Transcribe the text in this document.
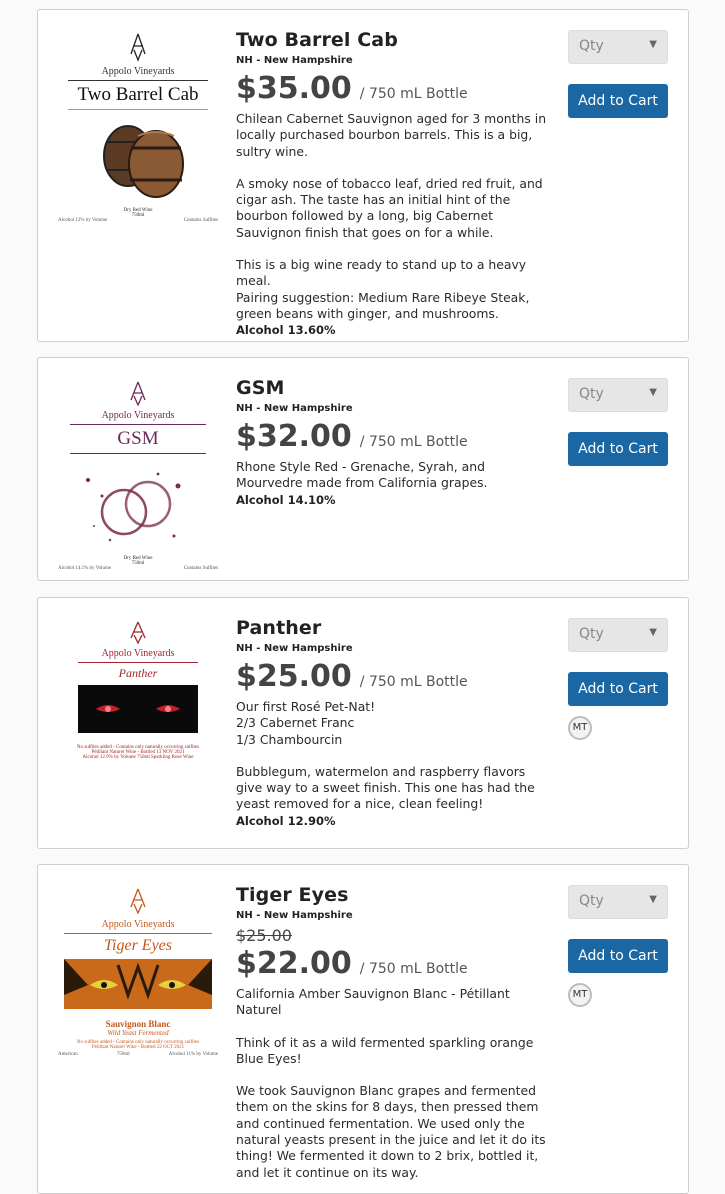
Appolo Vineyards
Two Barrel Cab
Dry Red Wine
750ml
Alcohol 13% by Volume	Contains Sulfites
Two Barrel Cab
NH - New Hampshire
$35.00 / 750 mL Bottle
Chilean Cabernet Sauvignon aged for 3 months in locally purchased bourbon barrels. This is a big, sultry wine.
A smoky nose of tobacco leaf, dried red fruit, and cigar ash. The taste has an initial hint of the bourbon followed by a long, big Cabernet Sauvignon finish that goes on for a while.
This is a big wine ready to stand up to a heavy meal.
Pairing suggestion: Medium Rare Ribeye Steak, green beans with ginger, and mushrooms.
Alcohol 13.60%
Qty	▼
Add to Cart
Appolo Vineyards
GSM
Dry Red Wine
750ml
Alcohol 14.1% by Volume	Contains Sulfites
GSM
NH - New Hampshire
$32.00 / 750 mL Bottle
Rhone Style Red - Grenache, Syrah, and Mourvedre made from California grapes.
Alcohol 14.10%
Qty	▼
Add to Cart
Appolo Vineyards
Panther
No sulfites added - Contains only naturally occurring sulfites
Pétillant Naturel Wine - Bottled 13 NOV 2021
Alcohol 12.9% by Volume 750ml Sparkling Rosé Wine
Panther
NH - New Hampshire
$25.00 / 750 mL Bottle
Our first Rosé Pet-Nat!
2/3 Cabernet Franc
1/3 Chambourcin
Bubblegum, watermelon and raspberry flavors give way to a sweet finish. This one has had the yeast removed for a nice, clean feeling!
Alcohol 12.90%
Qty	▼
Add to Cart
MT
Appolo Vineyards
Tiger Eyes
Sauvignon Blanc
Wild Yeast Fermented
No sulfites added - Contains only naturally occurring sulfites
Pétillant Naturel Wine - Bottled 22 OCT 2021
American	750ml	Alcohol 11% by Volume
Tiger Eyes
NH - New Hampshire
$25.00
$22.00 / 750 mL Bottle
California Amber Sauvignon Blanc - Pétillant Naturel
Think of it as a wild fermented sparkling orange Blue Eyes!
We took Sauvignon Blanc grapes and fermented them on the skins for 8 days, then pressed them and continued fermentation. We used only the natural yeasts present in the juice and let it do its thing! We fermented it down to 2 brix, bottled it, and let it continue on its way.
Qty	▼
Add to Cart
MT
